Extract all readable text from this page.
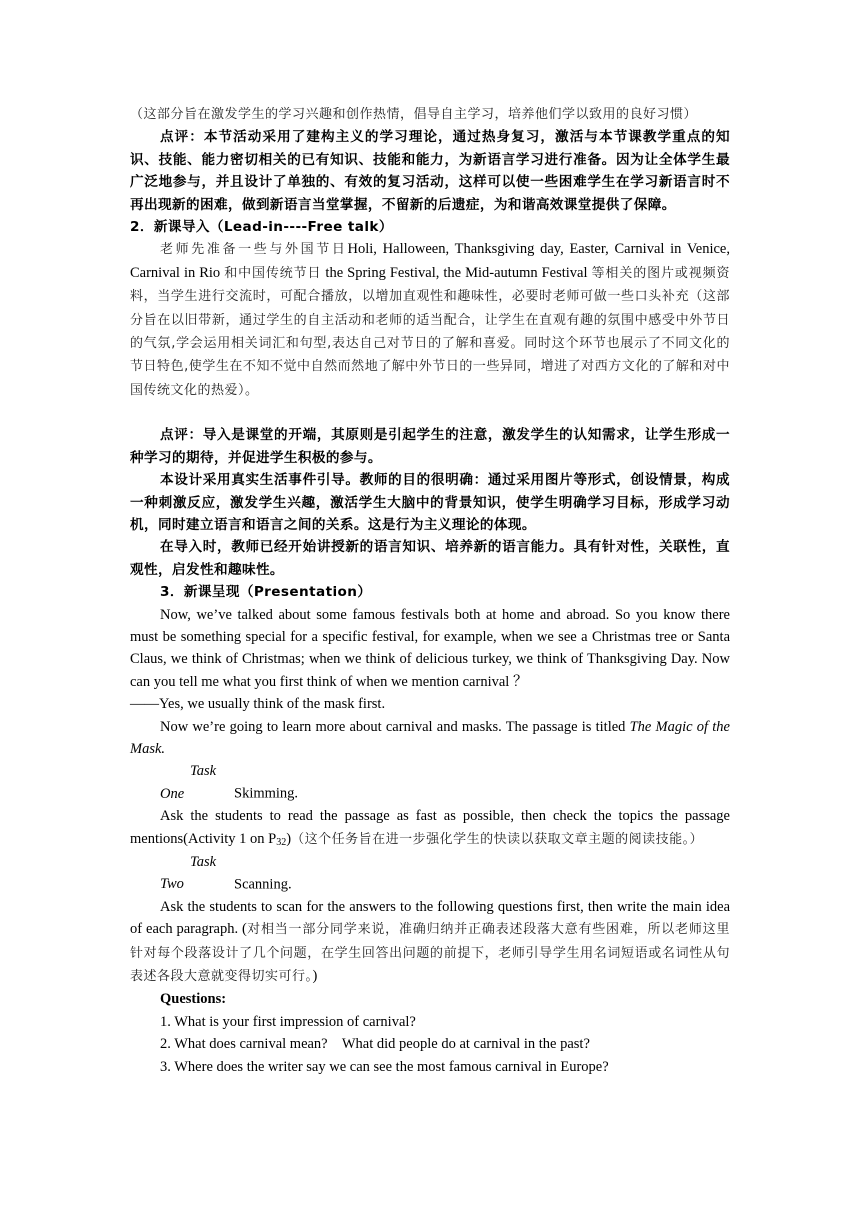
（这部分旨在激发学生的学习兴趣和创作热情，倡导自主学习，培养他们学以致用的良好习惯）

点评：本节活动采用了建构主义的学习理论，通过热身复习，激活与本节课教学重点的知识、技能、能力密切相关的已有知识、技能和能力，为新语言学习进行准备。因为让全体学生最广泛地参与，并且设计了单独的、有效的复习活动，这样可以使一些困难学生在学习新语言时不再出现新的困难，做到新语言当堂掌握，不留新的后遗症，为和谐高效课堂提供了保障。

2．新课导入（Lead-in----Free talk）

老师先准备一些与外国节日Holi, Halloween, Thanksgiving day, Easter, Carnival in Venice, Carnival in Rio 和中国传统节日 the Spring Festival, the Mid-autumn Festival 等相关的图片或视频资料，当学生进行交流时，可配合播放，以增加直观性和趣味性，必要时老师可做一些口头补充（这部分旨在以旧带新，通过学生的自主活动和老师的适当配合，让学生在直观有趣的氛围中感受中外节日的气氛,学会运用相关词汇和句型,表达自己对节日的了解和喜爱。同时这个环节也展示了不同文化的节日特色,使学生在不知不觉中自然而然地了解中外节日的一些异同，增进了对西方文化的了解和对中国传统文化的热爱）。

点评：导入是课堂的开端，其原则是引起学生的注意，激发学生的认知需求，让学生形成一种学习的期待，并促进学生积极的参与。

本设计采用真实生活事件引导。教师的目的很明确：通过采用图片等形式，创设情景，构成一种刺激反应，激发学生兴趣，激活学生大脑中的背景知识，使学生明确学习目标，形成学习动机，同时建立语言和语言之间的关系。这是行为主义理论的体现。

在导入时，教师已经开始讲授新的语言知识、培养新的语言能力。具有针对性，关联性，直观性，启发性和趣味性。

3．新课呈现（Presentation）

Now, we’ve talked about some famous festivals both at home and abroad. So you know there must be something special for a specific festival, for example, when we see a Christmas tree or Santa Claus, we think of Christmas; when we think of delicious turkey, we think of Thanksgiving Day. Now can you tell me what you first think of when we mention carnival ？

——Yes, we usually think of the mask first.

Now we’re going to learn more about carnival and masks. The passage is titled The Magic of the Mask.

Task One	Skimming.

Ask the students to read the passage as fast as possible, then check the topics the passage mentions(Activity 1 on $P_{32}$)（这个任务旨在进一步强化学生的快读以获取文章主题的阅读技能。）

Task Two	Scanning.

Ask the students to scan for the answers to the following questions first, then write the main idea of each paragraph. (对相当一部分同学来说，准确归纳并正确表述段落大意有些困难，所以老师这里针对每个段落设计了几个问题，在学生回答出问题的前提下，老师引导学生用名词短语或名词性从句表述各段大意就变得切实可行。)

Questions:

1. What is your first impression of carnival?

2. What does carnival mean?    What did people do at carnival in the past?

3. Where does the writer say we can see the most famous carnival in Europe?
